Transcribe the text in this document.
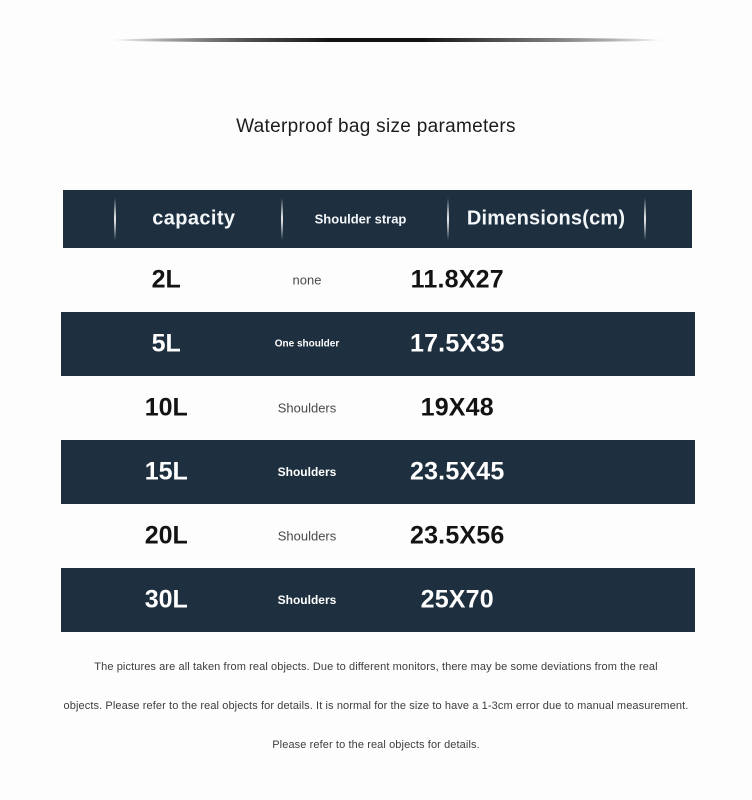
Waterproof bag size parameters
capacity	Shoulder strap	Dimensions(cm)
2L	none	11.8X27
5L	One shoulder	17.5X35
10L	Shoulders	19X48
15L	Shoulders	23.5X45
20L	Shoulders	23.5X56
30L	Shoulders	25X70

The pictures are all taken from real objects. Due to different monitors, there may be some deviations from the real

objects. Please refer to the real objects for details. It is normal for the size to have a 1-3cm error due to manual measurement.

Please refer to the real objects for details.
